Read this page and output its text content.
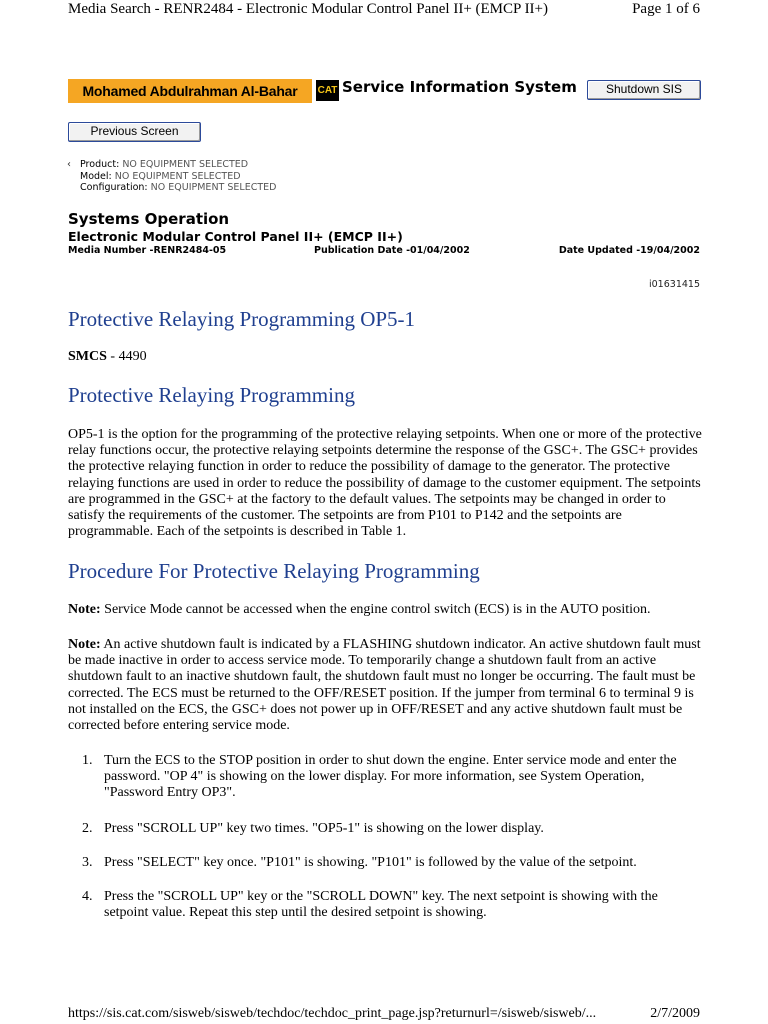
Media Search - RENR2484 - Electronic Modular Control Panel II+ (EMCP II+)	Page 1 of 6
Mohamed Abdulrahman Al-Bahar	CAT Service Information System	Shutdown SIS
Previous Screen
‹ Product: NO EQUIPMENT SELECTED
Model: NO EQUIPMENT SELECTED
Configuration: NO EQUIPMENT SELECTED
Systems Operation
Electronic Modular Control Panel II+ (EMCP II+)
Media Number -RENR2484-05	Publication Date -01/04/2002	Date Updated -19/04/2002
i01631415
Protective Relaying Programming OP5-1
SMCS - 4490
Protective Relaying Programming
OP5-1 is the option for the programming of the protective relaying setpoints. When one or more of the protective relay functions occur, the protective relaying setpoints determine the response of the GSC+. The GSC+ provides the protective relaying function in order to reduce the possibility of damage to the generator. The protective relaying functions are used in order to reduce the possibility of damage to the customer equipment. The setpoints are programmed in the GSC+ at the factory to the default values. The setpoints may be changed in order to satisfy the requirements of the customer. The setpoints are from P101 to P142 and the setpoints are programmable. Each of the setpoints is described in Table 1.
Procedure For Protective Relaying Programming
Note: Service Mode cannot be accessed when the engine control switch (ECS) is in the AUTO position.
Note: An active shutdown fault is indicated by a FLASHING shutdown indicator. An active shutdown fault must be made inactive in order to access service mode. To temporarily change a shutdown fault from an active shutdown fault to an inactive shutdown fault, the shutdown fault must no longer be occurring. The fault must be corrected. The ECS must be returned to the OFF/RESET position. If the jumper from terminal 6 to terminal 9 is not installed on the ECS, the GSC+ does not power up in OFF/RESET and any active shutdown fault must be corrected before entering service mode.
1. Turn the ECS to the STOP position in order to shut down the engine. Enter service mode and enter the password. "OP 4" is showing on the lower display. For more information, see System Operation, "Password Entry OP3".
2. Press "SCROLL UP" key two times. "OP5-1" is showing on the lower display.
3. Press "SELECT" key once. "P101" is showing. "P101" is followed by the value of the setpoint.
4. Press the "SCROLL UP" key or the "SCROLL DOWN" key. The next setpoint is showing with the setpoint value. Repeat this step until the desired setpoint is showing.
https://sis.cat.com/sisweb/sisweb/techdoc/techdoc_print_page.jsp?returnurl=/sisweb/sisweb/...	2/7/2009
